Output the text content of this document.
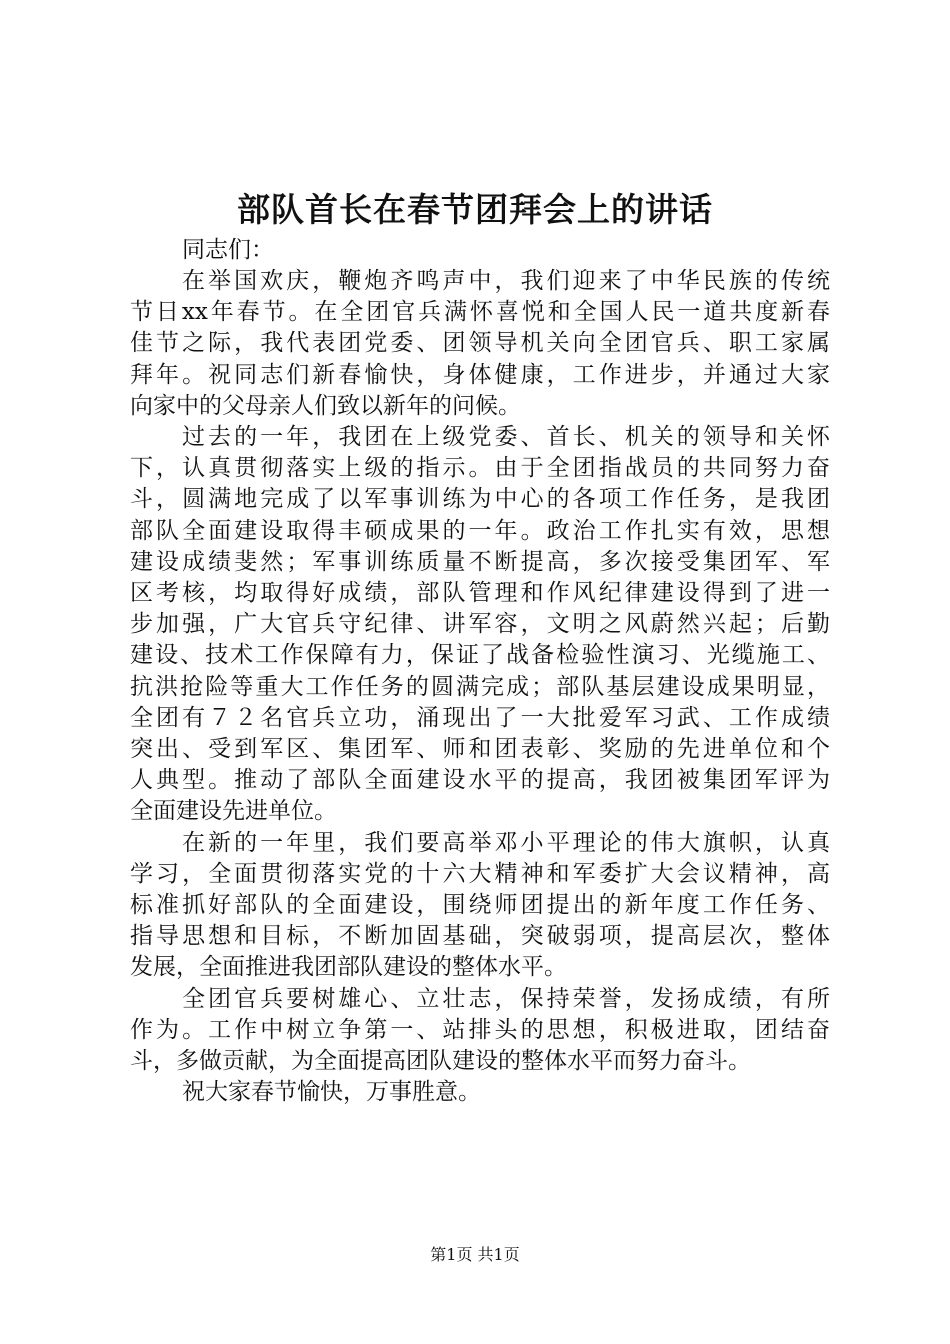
部队首长在春节团拜会上的讲话

同志们：

在举国欢庆，鞭炮齐鸣声中，我们迎来了中华民族的传统
节日xx年春节。在全团官兵满怀喜悦和全国人民一道共度新春
佳节之际，我代表团党委、团领导机关向全团官兵、职工家属
拜年。祝同志们新春愉快，身体健康，工作进步，并通过大家
向家中的父母亲人们致以新年的问候。

过去的一年，我团在上级党委、首长、机关的领导和关怀
下，认真贯彻落实上级的指示。由于全团指战员的共同努力奋
斗，圆满地完成了以军事训练为中心的各项工作任务，是我团
部队全面建设取得丰硕成果的一年。政治工作扎实有效，思想
建设成绩斐然；军事训练质量不断提高，多次接受集团军、军
区考核，均取得好成绩，部队管理和作风纪律建设得到了进一
步加强，广大官兵守纪律、讲军容，文明之风蔚然兴起；后勤
建设、技术工作保障有力，保证了战备检验性演习、光缆施工、
抗洪抢险等重大工作任务的圆满完成；部队基层建设成果明显，
全团有７２名官兵立功，涌现出了一大批爱军习武、工作成绩
突出、受到军区、集团军、师和团表彰、奖励的先进单位和个
人典型。推动了部队全面建设水平的提高，我团被集团军评为
全面建设先进单位。

在新的一年里，我们要高举邓小平理论的伟大旗帜，认真
学习，全面贯彻落实党的十六大精神和军委扩大会议精神，高
标准抓好部队的全面建设，围绕师团提出的新年度工作任务、
指导思想和目标，不断加固基础，突破弱项，提高层次，整体
发展，全面推进我团部队建设的整体水平。

全团官兵要树雄心、立壮志，保持荣誉，发扬成绩，有所
作为。工作中树立争第一、站排头的思想，积极进取，团结奋
斗，多做贡献，为全面提高团队建设的整体水平而努力奋斗。

祝大家春节愉快，万事胜意。

第1页 共1页
